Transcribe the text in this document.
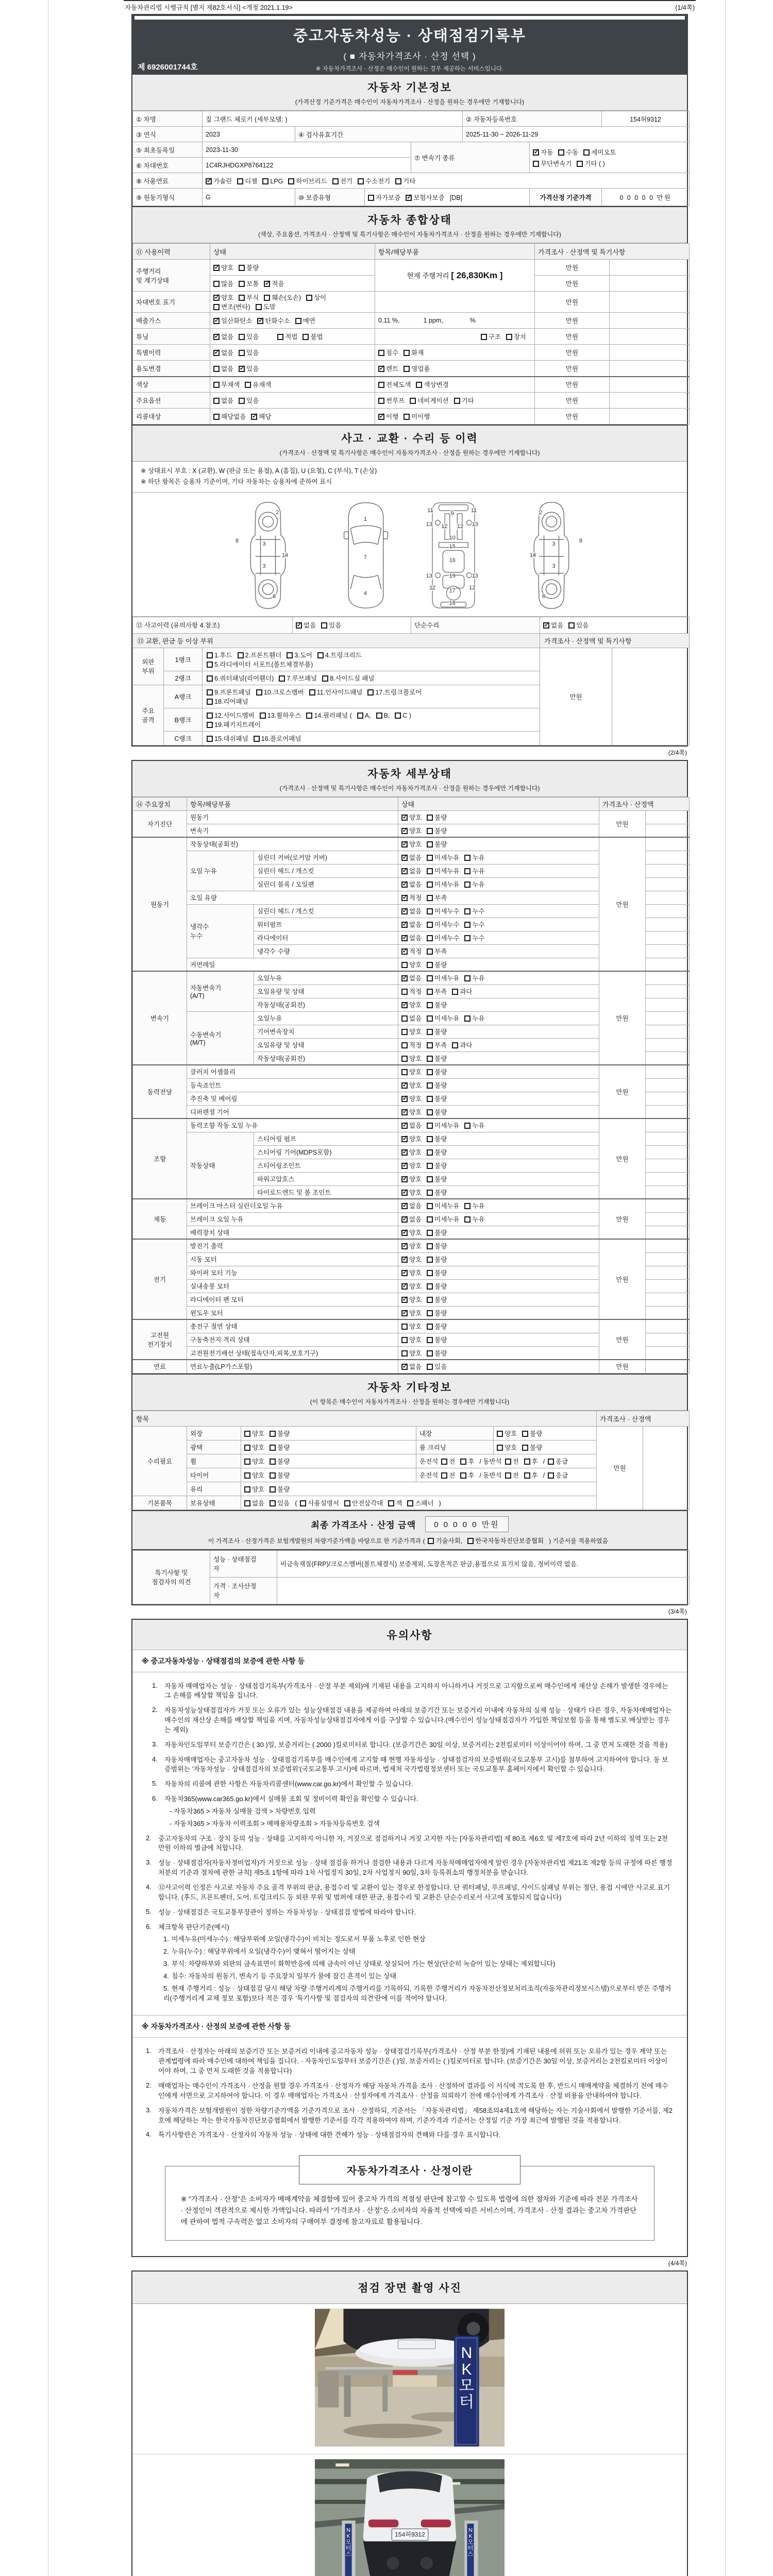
자동차관리법 시행규칙 [별지 제82호서식] <개정 2021.1.19>	(1/4쪽)
중고자동차성능 · 상태점검기록부
( ■ 자동차가격조사 · 산정 선택 )
※ 자동차가격조사 · 산정은 매수인이 원하는 경우 제공하는 서비스입니다.
제 6926001744호
자동차 기본정보
(가격산정 기준가격은 매수인이 자동차가격조사 · 산정을 원하는 경우에만 기재합니다)
① 차명	짚 그랜드 체로키 (세부모델: )				② 자동차등록번호		154허9312
③ 연식	2023	④ 검사유효기간			2025-11-30 ~ 2026-11-29		
⑤ 최초등록일	2023-11-30			⑦ 변속기 종류	
✓자동 수동 세미오토
무단변속기 기타 ( )

⑥ 차대번호	1C4RJHDGXP8764122						
⑧ 사용연료	✓가솔린 디젤 LPG 하이브리드 전기 수소전기 기타
⑨ 원동기형식	G	⑩ 보증유형	자가보증 ✓ 보험사보증 [DB]			가격산정 기준가격	0 0 0 0 0 만원
자동차 종합상태
(색상, 주요옵션, 가격조사 · 산정액 및 특기사항은 매수인이 자동차가격조사 · 산정을 원하는 경우에만 기재합니다)
⑪ 사용이력	상태	항목/해당부품	가격조사 · 산정액 및 특기사항	
주행거리
및 계기상태	✓양호 불량	현재 주행거리 [ 26,830Km ]	만원	
	많음 보통 ✓ 적음		만원	
차대번호 표기	✓양호 부식 훼손(오손) 상이변조(변타) 도말		만원	
배출가스	✓일산화탄소 ✓ 탄화수소 매연	0.11 %, 1 ppm, %	만원	
튜닝	✓없음 있음 적법 불법	구조 장치	만원	
특별이력	✓없음 있음	침수 화재	만원	
용도변경	없음 ✓ 있음	✓렌트 영업용	만원	
색상	무채색 유채색	전체도색 색상변경	만원	
주요옵션	없음 있음	썬루프 네비게이션 기타	만원	
리콜대상	해당없음 ✓ 해당	✓이행 미이행	만원	
사고 · 교환 · 수리 등 이력
(가격조사 · 산정액 및 특기사항은 매수인이 자동차가격조사 · 산정을 원하는 경우에만 기재합니다)
※ 상태표시 부호 : X (교환), W (판금 또는 용접), A (흠집), U (요철), C (부식), T (손상)
※ 하단 항목은 승용차 기준이며, 기타 자동차는 승용차에 준하여 표시
2
8
3
14
3
6
1
7
4
11
9
11
13 12 12 13
10
15
16
13	19	13
12
17
12
18
2
8
3
14
3
6
⑫ 사고이력 (유의사항 4.참조)	✓없음 있음	단순수리	✓없음 있음
⑬ 교환, 판금 등 이상 부위			가격조사 · 산정액 및 특기사항	
외판
부위	1랭크	1.후드 2.프론트휀더 3.도어 4.트렁크리드
5.라디에이터 서포트(볼트체결부품)	만원	
	2랭크	6.쿼터패널(리어휀더) 7.루브패널 8.사이드실 패널		
주요
골격	A랭크	9.프론트패널 10.크로스멤버 11.인사이드패널 17.트렁크플로어
18.리어패널		
	B랭크	12.사이드멤버 13.휠하우스 14.필러패널 ( A, B, C )
19.패키지트레이		
	C랭크	15.대쉬패널 16.플로어패널		
(2/4쪽)
자동차 세부상태
(가격조사 · 산정액 및 특기사항은 매수인이 자동차가격조사 · 산정을 원하는 경우에만 기재합니다)
⑭ 주요장치	항목/해당부품		상태	가격조사 · 산정액	
자기진단	원동기	✓양호 불량	만원	
	변속기	✓양호 불량	
원동기	작동상태(공회전)	✓양호 불량	만원	
	오일 누유	실린더 커버(로커암 커버)	✓없음 미세누유 누유	
		실린더 헤드 / 개스킷	✓없음 미세누유 누유	
		실린더 블록 / 오일팬	✓없음 미세누유 누유	
	오일 유량	✓적정 부족	
	냉각수
누수	실린더 헤드 / 개스킷	✓없음 미세누수 누수	
		워터펌프	✓없음 미세누수 누수	
		라디에이터	✓없음 미세누수 누수	
		냉각수 수량	✓적정 부족	
	커먼레일		양호 불량		
변속기	자동변속기
(A/T)	오일누유	✓없음 미세누유 누유	만원	
		오일유량 및 상태	적정 부족 과다		
		작동상태(공회전)	✓양호 불량	
	수동변속기
(M/T)	오일누유	없음 미세누유 누유		
		기어변속장치	양호 불량		
		오일유량 및 상태	적정 부족 과다		
		작동상태(공회전)	양호 불량		
동력전달	클러치 어셈블리		양호 불량	만원	
	등속죠인트	✓양호 불량	
	추진축 및 베어링	✓양호 불량	
	디퍼렌셜 기어	✓양호 불량	
조향	동력조향 작동 오일 누유	✓없음 미세누유 누유	만원	
	작동상태	스티어링 펌프	✓양호 불량	
		스티어링 기어(MDPS포함)	✓양호 불량	
		스티어링조인트	✓양호 불량	
		파워고압호스	✓양호 불량	
		타이로드엔드 및 볼 조인트	✓양호 불량	
제동	브레이크 마스터 실린더오일 누유	✓없음 미세누유 누유	만원	
	브레이크 오일 누유	✓없음 미세누유 누유	
	배력장치 상태	✓양호 불량	
전기	발전기 출력	✓양호 불량	만원	
	시동 모터	✓양호 불량	
	와이퍼 모터 기능	✓양호 불량	
	실내송풍 모터	✓양호 불량	
	라디에이터 팬 모터	✓양호 불량	
	윈도우 모터	✓양호 불량	
고전원
전기장치	충전구 절연 상태		양호 불량	만원	
	구동축전지 격리 상태		양호 불량		
	고전원전기배선 상태(접속단자,피복,보호기구)		양호 불량		
연료	연료누출(LP가스포함)	✓없음 있음	만원	
자동차 기타정보
(이 항목은 매수인이 자동차가격조사 · 산정을 원하는 경우에만 기재합니다)
항목					가격조사 · 산정액	
수리필요	외장	양호 불량	내장	양호 불량	만원	
	광택	양호 불량	룸 크리닝	양호 불량		
	휠	양호 불량	운전석 전 후 / 동반석 전 후 / 응급			
	타이어	양호 불량	운전석 전 후 / 동반석 전 후 / 응급			
	유리	양호 불량				
기본품목	보유상태	없음 있음 ( 사용설명서 안전삼각대 잭 스패너 )				
최종 가격조사 · 산정 금액	0 0 0 0 0 만원
이 가격조사 · 산정가격은 보험개발원의 차량기준가액을 바탕으로 한 기준가격과 ( 기술사회, 한국자동차진단보증협회 ) 기준서를 적용하였음
특기사항 및
점검자의 의견	성능 · 상태점검
자	비금속재질(FRP)/크로스멤버(볼트체결식) 보증제외, 도장흔적은 판금,용접으로 표기치 않음, 정비이력 없음.
	가격 · 조사산정
자	
(3/4쪽)
유의사항
※ 중고자동차성능 · 상태점검의 보증에 관한 사항 등
1.	자동차 매매업자는 성능 · 상태점검기록부(가격조사 · 산정 부분 제외)에 기재된 내용을 고지하지 아니하거나 거짓으로 고지함으로써 매수인에게 재산상 손해가 발생한 경우에는 그 손해를 배상할 책임을 집니다.
2.	자동차성능상태점검자가 거짓 또는 오류가 있는 성능상태점검 내용을 제공하여 아래의 보증기간 또는 보증거리 이내에 자동차의 실제 성능 · 상태가 다른 경우, 자동차매매업자는 매수인의 재산상 손해를 배상할 책임을 지며, 자동차성능상태점검자에게 이를 구상할 수 있습니다.(매수인이 성능상태점검자가 가입한 책임보험 등을 통해 별도로 배상받는 경우는 제외)
3.	자동차인도일부터 보증기간은 ( 30 )일, 보증거리는 ( 2000 )킬로미터로 합니다. (보증기간은 30일 이상, 보증거리는 2천킬로미터 이상이어야 하며, 그 중 먼저 도래한 것을 적용)
4.	자동차매매업자는 중고자동차 성능 · 상태점검기록부를 매수인에게 고지할 때 현행 자동차성능 · 상태점검자의 보증범위(국토교통부 고시)를 첨부하여 고지하여야 합니다. 동 보증범위는 '자동차성능 · 상태점검자의 보증범위'(국토교통부 고시)에 따르며, 법제처 국가법령정보센터 또는 국토교통부 홈페이지에서 확인할 수 있습니다.
5.	자동차의 리콜에 관한 사항은 자동차리콜센터(www.car.go.kr)에서 확인할 수 있습니다.
6.	자동차365(www.car365.go.kr)에서 실매물 조회 및 정비이력 확인을 확인할 수 있습니다.
- 자동차365 > 자동차 실매물 검색 > 차량번호 입력
- 자동차365 > 자동차 이력조회 > 매매용차량조회 > 자동차등록번호 검색
2.	중고자동차의 구조 · 장치 등의 성능 · 상태를 고지하지 아니한 자, 거짓으로 점검하거나 거짓 고지한 자는 [자동차관리법] 제 80조 제6호 및 제7호에 따라 2년 이하의 징역 또는 2천만원 이하의 벌금에 처합니다.
3.	성능 · 상태점검자(자동차정비업자)가 거짓으로 성능 · 상태 점검을 하거나 점검한 내용과 다르게 자동차매매업자에게 알린 경우 [자동차관리법 제21조 제2항 등의 규정에 따른 행정처분의 기준과 절차에 관한 규칙] 제5조 1항에 따라 1차 사업정지 30일, 2차 사업정지 90일, 3차 등록취소의 행정처분을 받습니다.
4.	⑫사고이력 인정은 사고로 자동차 주요 골격 부위의 판금, 용접수리 및 교환이 있는 경우로 한정합니다. 단 쿼터패널, 루프패널, 사이드실패널 부위는 절단, 용접 시에만 사고로 표기합니다. (후드, 프론트펜더, 도어, 트렁크리드 등 외판 부위 및 범퍼에 대한 판금, 용접수리 및 교환은 단순수리로서 사고에 포함되지 않습니다)
5.	성능 · 상태점검은 국토교통부장관이 정하는 자동차성능 · 상태점검 방법에 따라야 합니다.
6.	체크항목 판단기준(예시)
1. 미세누유(미세누수) : 해당부위에 오일(냉각수)이 비치는 정도로서 부품 노후로 인한 현상
2. 누유(누수) : 해당부위에서 오일(냉각수)이 맺혀서 떨어지는 상태
3. 부식: 차량하부와 외판의 금속표면이 화학반응에 의해 금속이 아닌 상태로 상실되어 가는 현상(단순히 녹슬어 있는 상태는 제외합니다)
4. 침수: 자동차의 원동기, 변속기 등 주요장치 일부가 물에 잠긴 흔적이 있는 상태
5. 현재 주행거리 : 성능 · 상태점검 당시 해당 차량 주행거리계의 주행거리를 기록하되, 기록한 주행거리가 자동차전산정보처리조직(자동차관리정보시스템)으로부터 받은 주행거리(주행거리계 교체 정보 포함)보다 적은 경우 '특기사항 및 점검자의 의견'란에 이를 적어야 합니다.
※ 자동차가격조사 · 산정의 보증에 관한 사항 등
1.	가격조사 · 산정자는 아래의 보증기간 또는 보증거리 이내에 중고자동차 성능 · 상태점검기록부(가격조사 · 산정 부분 한정)에 기재된 내용에 허위 또는 오류가 있는 경우 계약 또는 관계법령에 따라 매수인에 대하여 책임을 집니다. · 자동차인도일부터 보증기간은 ( )일, 보증거리는 ( )킬로미터로 합니다. (보증기간은 30일 이상, 보증거리는 2천킬로미터 이상이어야 하며, 그 중 먼저 도래한 것을 적용합니다)
2.	매매업자는 매수인이 가격조사 · 산정을 원할 경우 가격조사 · 산정자가 해당 자동차 가격을 조사 · 산정하여 결과를 이 서식에 적도록 한 후, 반드시 매매계약을 체결하기 전에 매수인에게 서면으로 고지하여야 합니다. 이 경우 매매업자는 가격조사 · 산정자에게 가격조사 · 산정을 의뢰하기 전에 매수인에게 가격조사 · 산정 비용을 안내하여야 합니다.
3.	자동차가격은 보험개발원이 정한 차량기준가액을 기준가격으로 조사 · 산정하되, 기준서는 「자동차관리법」 제58조의4제1호에 해당하는 자는 기술사회에서 발행한 기준서를, 제2호에 해당하는 자는 한국자동차진단보증협회에서 발행한 기준서를 각각 적용하여야 하며, 기준가격과 기준서는 산정일 기준 가장 최근에 발행된 것을 적용합니다.
4.	특기사항란은 가격조사 · 산정자의 자동차 성능 · 상태에 대한 견해가 성능 · 상태점검자의 견해와 다를 경우 표시합니다.
자동차가격조사 · 산정이란
※ "가격조사 · 산정"은 소비자가 매매계약을 체결함에 있어 중고차 가격의 적절성 판단에 참고할 수 있도록 법령에 의한 절차와 기준에 따라 전문 가격조사 · 산정인이 객관적으로 제시한 가액입니다. 따라서 "가격조사 · 산정"은 소비자의 자율적 선택에 따른 서비스이며, 가격조사 · 산정 결과는 중고차 가격판단에 관하여 법적 구속력은 없고 소비자의 구매여부 결정에 참고자료로 활용됩니다.
(4/4쪽)
점검 장면 촬영 사진
N K 모 터
154허9312
N K 모 터 스
N K 모 터 스
